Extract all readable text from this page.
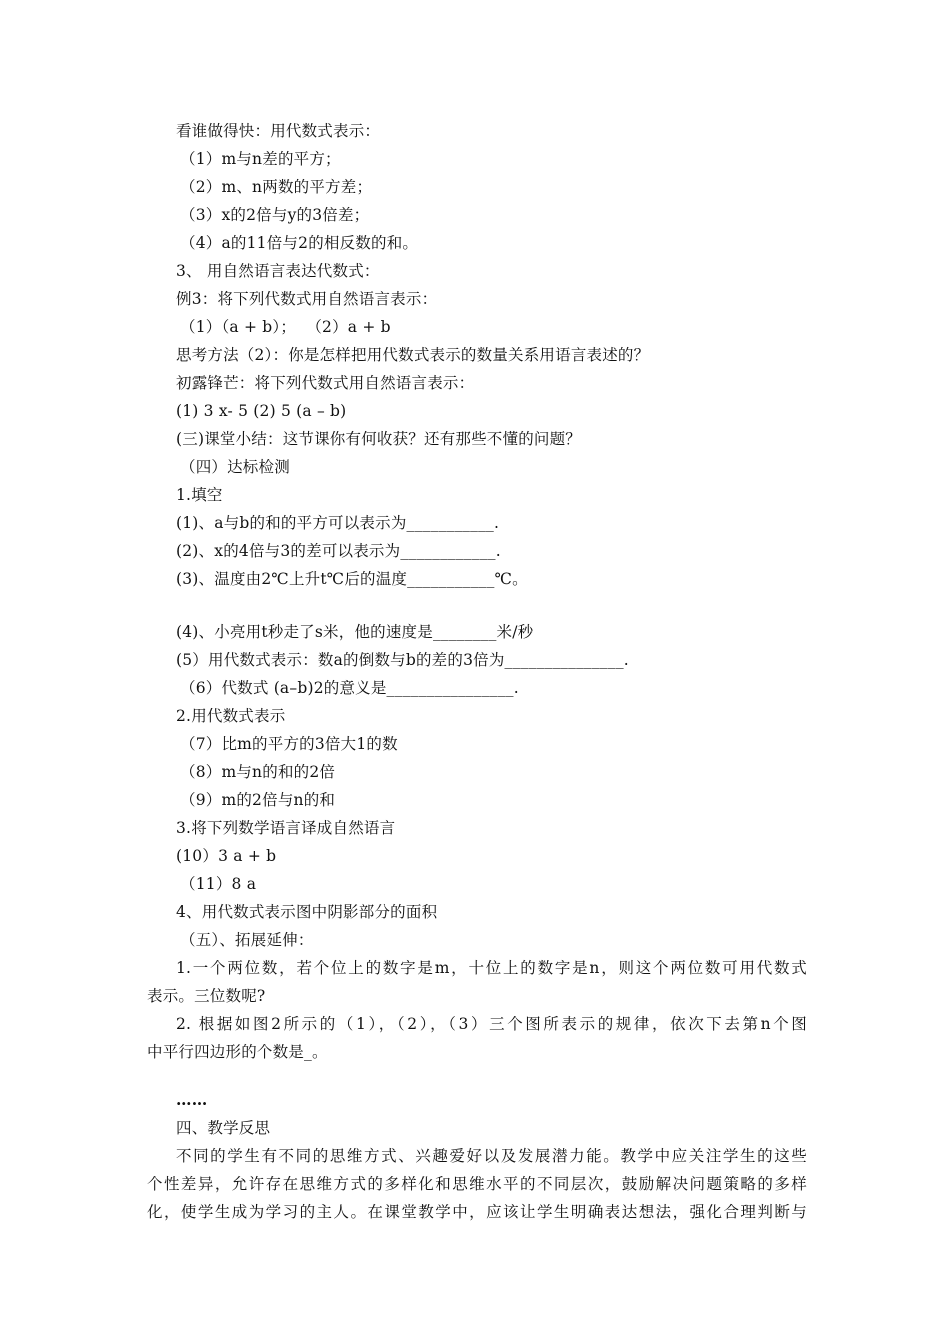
看谁做得快：用代数式表示：
（1）m与n差的平方；
（2）m、n两数的平方差；
（3）x的2倍与y的3倍差；
（4）a的11倍与2的相反数的和。
3、 用自然语言表达代数式：
例3：将下列代数式用自然语言表示：
（1）（a + b）；  （2）a + b
思考方法（2）：你是怎样把用代数式表示的数量关系用语言表述的？
初露锋芒：将下列代数式用自然语言表示：
(1) 3 x- 5 (2) 5 (a – b)
(三)课堂小结：这节课你有何收获？还有那些不懂的问题？
（四）达标检测
1.填空
(1)、a与b的和的平方可以表示为___________.
(2)、x的4倍与3的差可以表示为____________.
(3)、温度由2℃上升t℃后的温度___________℃。
(4)、小亮用t秒走了s米，他的速度是________米/秒
(5）用代数式表示：数a的倒数与b的差的3倍为_______________.
（6）代数式 (a–b)2的意义是________________.
2.用代数式表示
（7）比m的平方的3倍大1的数
（8）m与n的和的2倍
（9）m的2倍与n的和
3.将下列数学语言译成自然语言
(10）3 a + b
（11）8 a
4、用代数式表示图中阴影部分的面积
（五）、拓展延伸：
1.一个两位数，若个位上的数字是m，十位上的数字是n，则这个两位数可用代数式
表示。三位数呢?
2. 根据如图2所示的（1），（2），（3）三个图所表示的规律，依次下去第n个图
中平行四边形的个数是_。
……
四、教学反思
不同的学生有不同的思维方式、兴趣爱好以及发展潜力能。教学中应关注学生的这些
个性差异，允许存在思维方式的多样化和思维水平的不同层次，鼓励解决问题策略的多样
化，使学生成为学习的主人。在课堂教学中，应该让学生明确表达想法，强化合理判断与
